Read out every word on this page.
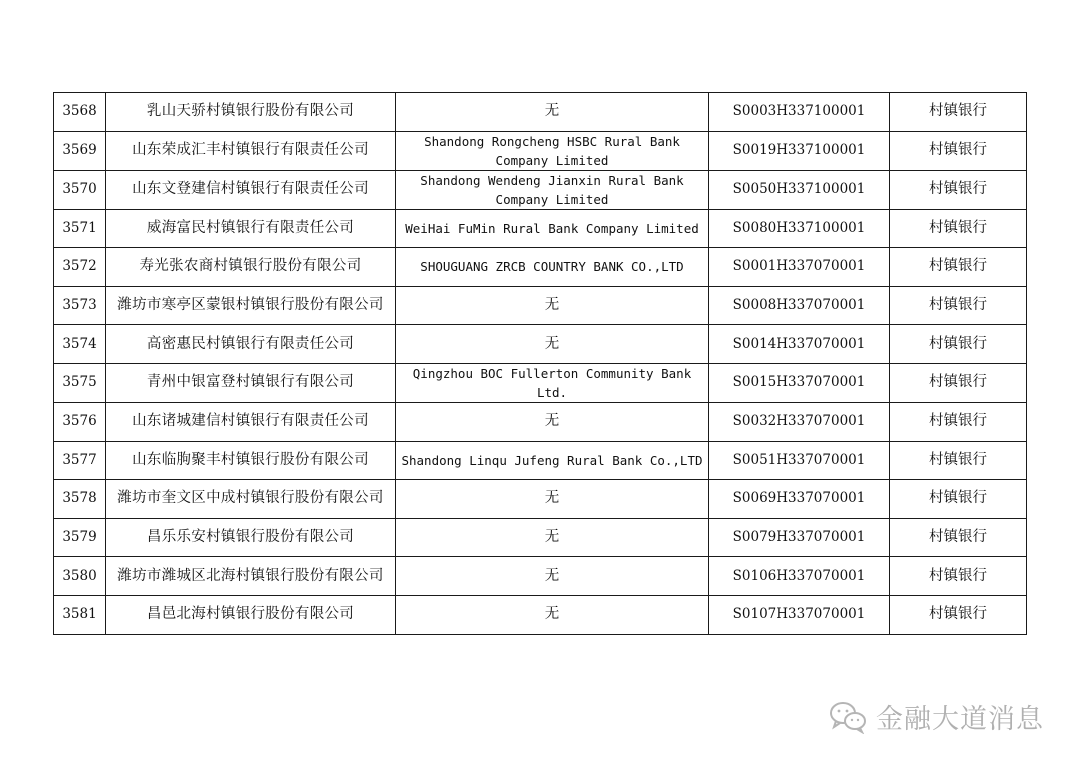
3568	乳山天骄村镇银行股份有限公司	无	S0003H337100001	村镇银行
3569	山东荣成汇丰村镇银行有限责任公司	Shandong Rongcheng HSBC Rural Bank Company Limited	S0019H337100001	村镇银行
3570	山东文登建信村镇银行有限责任公司	Shandong Wendeng Jianxin Rural Bank Company Limited	S0050H337100001	村镇银行
3571	威海富民村镇银行有限责任公司	WeiHai FuMin Rural Bank Company Limited	S0080H337100001	村镇银行
3572	寿光张农商村镇银行股份有限公司	SHOUGUANG ZRCB COUNTRY BANK CO.,LTD	S0001H337070001	村镇银行
3573	潍坊市寒亭区蒙银村镇银行股份有限公司	无	S0008H337070001	村镇银行
3574	高密惠民村镇银行有限责任公司	无	S0014H337070001	村镇银行
3575	青州中银富登村镇银行有限公司	Qingzhou BOC Fullerton Community Bank Ltd.	S0015H337070001	村镇银行
3576	山东诸城建信村镇银行有限责任公司	无	S0032H337070001	村镇银行
3577	山东临朐聚丰村镇银行股份有限公司	Shandong Linqu Jufeng Rural Bank Co.,LTD	S0051H337070001	村镇银行
3578	潍坊市奎文区中成村镇银行股份有限公司	无	S0069H337070001	村镇银行
3579	昌乐乐安村镇银行股份有限公司	无	S0079H337070001	村镇银行
3580	潍坊市潍城区北海村镇银行股份有限公司	无	S0106H337070001	村镇银行
3581	昌邑北海村镇银行股份有限公司	无	S0107H337070001	村镇银行
金融大道消息
